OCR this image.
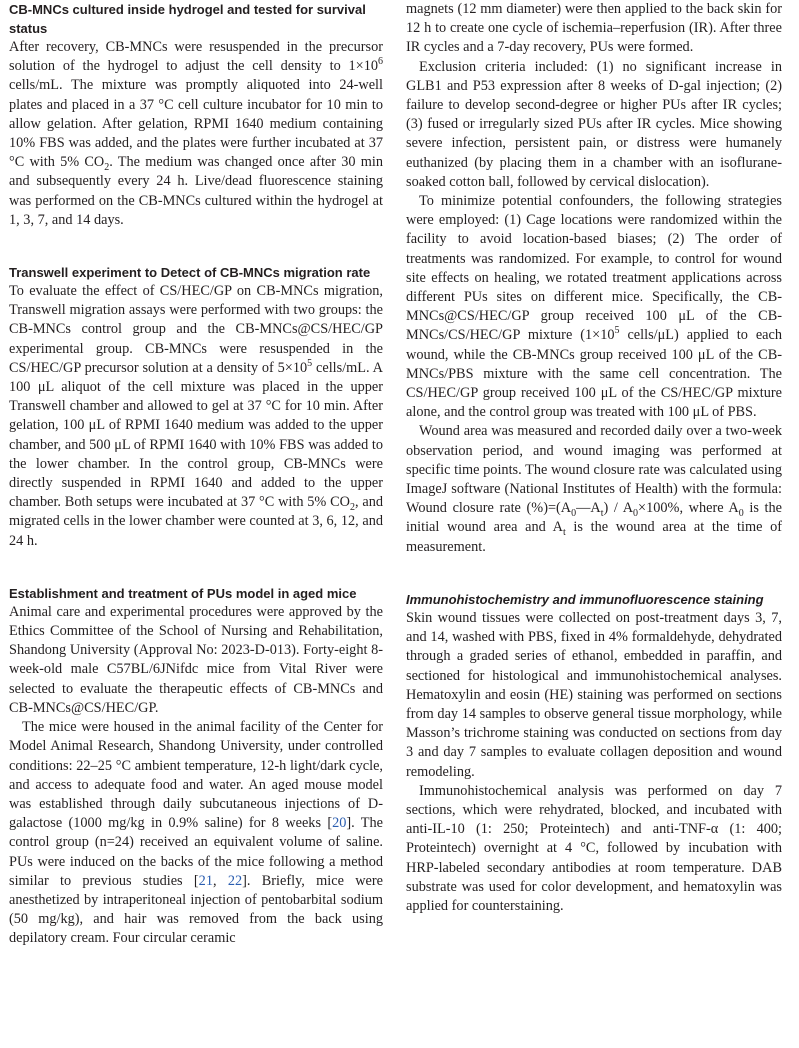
CB-MNCs cultured inside hydrogel and tested for survival status

After recovery, CB-MNCs were resuspended in the precursor solution of the hydrogel to adjust the cell density to $1\times 10^6$ cells/mL. The mixture was promptly aliquoted into 24-well plates and placed in a 37 °C cell culture incubator for 10 min to allow gelation. After gelation, RPMI 1640 medium containing 10% FBS was added, and the plates were further incubated at 37 °C with 5% $CO_2$. The medium was changed once after 30 min and subsequently every 24 h. Live/dead fluorescence staining was performed on the CB-MNCs cultured within the hydrogel at 1, 3, 7, and 14 days.

Transwell experiment to Detect of CB-MNCs migration rate

To evaluate the effect of CS/HEC/GP on CB-MNCs migration, Transwell migration assays were performed with two groups: the CB-MNCs control group and the CB-MNCs@CS/HEC/GP experimental group. CB-MNCs were resuspended in the CS/HEC/GP precursor solution at a density of $5\times 10^5$ cells/mL. A 100 μL aliquot of the cell mixture was placed in the upper Transwell chamber and allowed to gel at 37 °C for 10 min. After gelation, 100 μL of RPMI 1640 medium was added to the upper chamber, and 500 μL of RPMI 1640 with 10% FBS was added to the lower chamber. In the control group, CB-MNCs were directly suspended in RPMI 1640 and added to the upper chamber. Both setups were incubated at 37 °C with 5% $CO_2$, and migrated cells in the lower chamber were counted at 3, 6, 12, and 24 h.

Establishment and treatment of PUs model in aged mice

Animal care and experimental procedures were approved by the Ethics Committee of the School of Nursing and Rehabilitation, Shandong University (Approval No: 2023-D-013). Forty-eight 8-week-old male C57BL/6JNifdc mice from Vital River were selected to evaluate the therapeutic effects of CB-MNCs and CB-MNCs@CS/HEC/GP.

The mice were housed in the animal facility of the Center for Model Animal Research, Shandong University, under controlled conditions: 22–25 °C ambient temperature, 12-h light/dark cycle, and access to adequate food and water. An aged mouse model was established through daily subcutaneous injections of D-galactose (1000 mg/kg in 0.9% saline) for 8 weeks [20]. The control group (n=24) received an equivalent volume of saline. PUs were induced on the backs of the mice following a method similar to previous studies [21, 22]. Briefly, mice were anesthetized by intraperitoneal injection of pentobarbital sodium (50 mg/kg), and hair was removed from the back using depilatory cream. Four circular ceramic

magnets (12 mm diameter) were then applied to the back skin for 12 h to create one cycle of ischemia–reperfusion (IR). After three IR cycles and a 7-day recovery, PUs were formed.

Exclusion criteria included: (1) no significant increase in GLB1 and P53 expression after 8 weeks of D-gal injection; (2) failure to develop second-degree or higher PUs after IR cycles; (3) fused or irregularly sized PUs after IR cycles. Mice showing severe infection, persistent pain, or distress were humanely euthanized (by placing them in a chamber with an isoflurane-soaked cotton ball, followed by cervical dislocation).

To minimize potential confounders, the following strategies were employed: (1) Cage locations were randomized within the facility to avoid location-based biases; (2) The order of treatments was randomized. For example, to control for wound site effects on healing, we rotated treatment applications across different PUs sites on different mice. Specifically, the CB-MNCs@CS/HEC/GP group received 100 μL of the CB-MNCs/CS/HEC/GP mixture ($1\times 10^5$ cells/μL) applied to each wound, while the CB-MNCs group received 100 μL of the CB-MNCs/PBS mixture with the same cell concentration. The CS/HEC/GP group received 100 μL of the CS/HEC/GP mixture alone, and the control group was treated with 100 μL of PBS.

Wound area was measured and recorded daily over a two-week observation period, and wound imaging was performed at specific time points. The wound closure rate was calculated using ImageJ software (National Institutes of Health) with the formula: Wound closure rate $(\%)=(A_0—A_t) / A_0\times 100\%$, where $A_0$ is the initial wound area and $A_t$ is the wound area at the time of measurement.

Immunohistochemistry and immunofluorescence staining

Skin wound tissues were collected on post-treatment days 3, 7, and 14, washed with PBS, fixed in 4% formaldehyde, dehydrated through a graded series of ethanol, embedded in paraffin, and sectioned for histological and immunohistochemical analyses. Hematoxylin and eosin (HE) staining was performed on sections from day 14 samples to observe general tissue morphology, while Masson’s trichrome staining was conducted on sections from day 3 and day 7 samples to evaluate collagen deposition and wound remodeling.

Immunohistochemical analysis was performed on day 7 sections, which were rehydrated, blocked, and incubated with anti-IL-10 (1: 250; Proteintech) and anti-TNF-α (1: 400; Proteintech) overnight at 4 °C, followed by incubation with HRP-labeled secondary antibodies at room temperature. DAB substrate was used for color development, and hematoxylin was applied for counterstaining.
